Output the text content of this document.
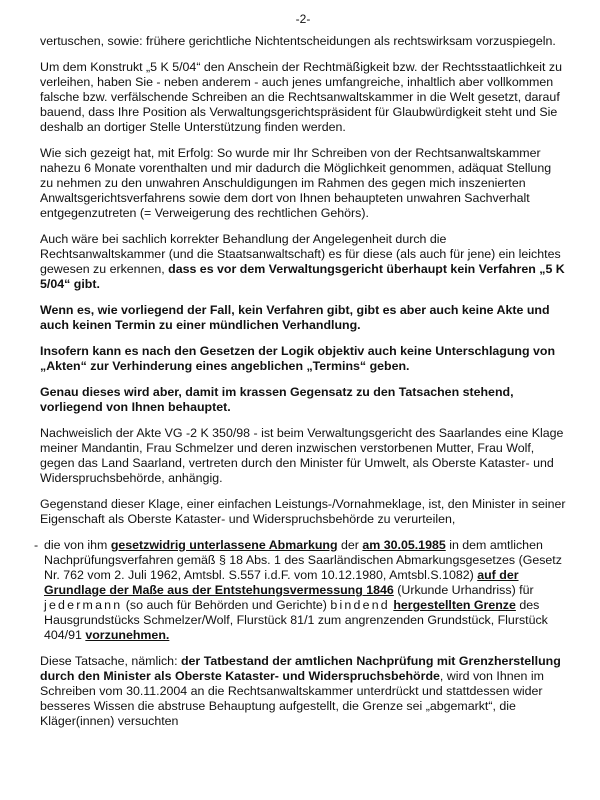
-2-

vertuschen, sowie: frühere gerichtliche Nichtentscheidungen als rechtswirksam vorzuspiegeln.

Um dem Konstrukt „5 K 5/04“ den Anschein der Rechtmäßigkeit bzw. der Rechtsstaatlichkeit zu verleihen, haben Sie - neben anderem - auch jenes umfangreiche, inhaltlich aber vollkommen falsche bzw. verfälschende Schreiben an die Rechtsanwaltskammer in die Welt gesetzt, darauf bauend, dass Ihre Position als Verwaltungsgerichtspräsident für Glaubwürdigkeit steht und Sie deshalb an dortiger Stelle Unterstützung finden werden.

Wie sich gezeigt hat, mit Erfolg: So wurde mir Ihr Schreiben von der Rechtsanwaltskammer nahezu 6 Monate vorenthalten und mir dadurch die Möglichkeit genommen, adäquat Stellung zu nehmen zu den unwahren Anschuldigungen im Rahmen des gegen mich inszenierten Anwaltsgerichtsverfahrens sowie dem dort von Ihnen behaupteten unwahren Sachverhalt entgegenzutreten (= Verweigerung des rechtlichen Gehörs).

Auch wäre bei sachlich korrekter Behandlung der Angelegenheit durch die Rechtsanwaltskammer (und die Staatsanwaltschaft) es für diese (als auch für jene) ein leichtes gewesen zu erkennen, dass es vor dem Verwaltungsgericht überhaupt kein Verfahren „5 K 5/04“ gibt.

Wenn es, wie vorliegend der Fall, kein Verfahren gibt, gibt es aber auch keine Akte und auch keinen Termin zu einer mündlichen Verhandlung.

Insofern kann es nach den Gesetzen der Logik objektiv auch keine Unterschlagung von „Akten“ zur Verhinderung eines angeblichen „Termins“ geben.

Genau dieses wird aber, damit im krassen Gegensatz zu den Tatsachen stehend, vorliegend von Ihnen behauptet.

Nachweislich der Akte VG -2 K 350/98 - ist beim Verwaltungsgericht des Saarlandes eine Klage meiner Mandantin, Frau Schmelzer und deren inzwischen verstorbenen Mutter, Frau Wolf, gegen das Land Saarland, vertreten durch den Minister für Umwelt, als Oberste Kataster- und Widerspruchsbehörde, anhängig.

Gegenstand dieser Klage, einer einfachen Leistungs-/Vornahmeklage, ist, den Minister in seiner Eigenschaft als Oberste Kataster- und Widerspruchsbehörde zu verurteilen,

- die von ihm gesetzwidrig unterlassene Abmarkung der am 30.05.1985 in dem amtlichen Nachprüfungsverfahren gemäß § 18 Abs. 1 des Saarländischen Abmarkungsgesetzes (Gesetz Nr. 762 vom 2. Juli 1962, Amtsbl. S.557 i.d.F. vom 10.12.1980, Amtsbl.S.1082) auf der Grundlage der Maße aus der Entstehungsvermessung 1846 (Urkunde Urhandriss) für jedermann (so auch für Behörden und Gerichte) bindend hergestellten Grenze des Hausgrundstücks Schmelzer/Wolf, Flurstück 81/1 zum angrenzenden Grundstück, Flurstück 404/91 vorzunehmen.

Diese Tatsache, nämlich: der Tatbestand der amtlichen Nachprüfung mit Grenzherstellung durch den Minister als Oberste Kataster- und Widerspruchsbehörde, wird von Ihnen im Schreiben vom 30.11.2004 an die Rechtsanwaltskammer unterdrückt und stattdessen wider besseres Wissen die abstruse Behauptung aufgestellt, die Grenze sei „abgemarkt“, die Kläger(innen) versuchten
